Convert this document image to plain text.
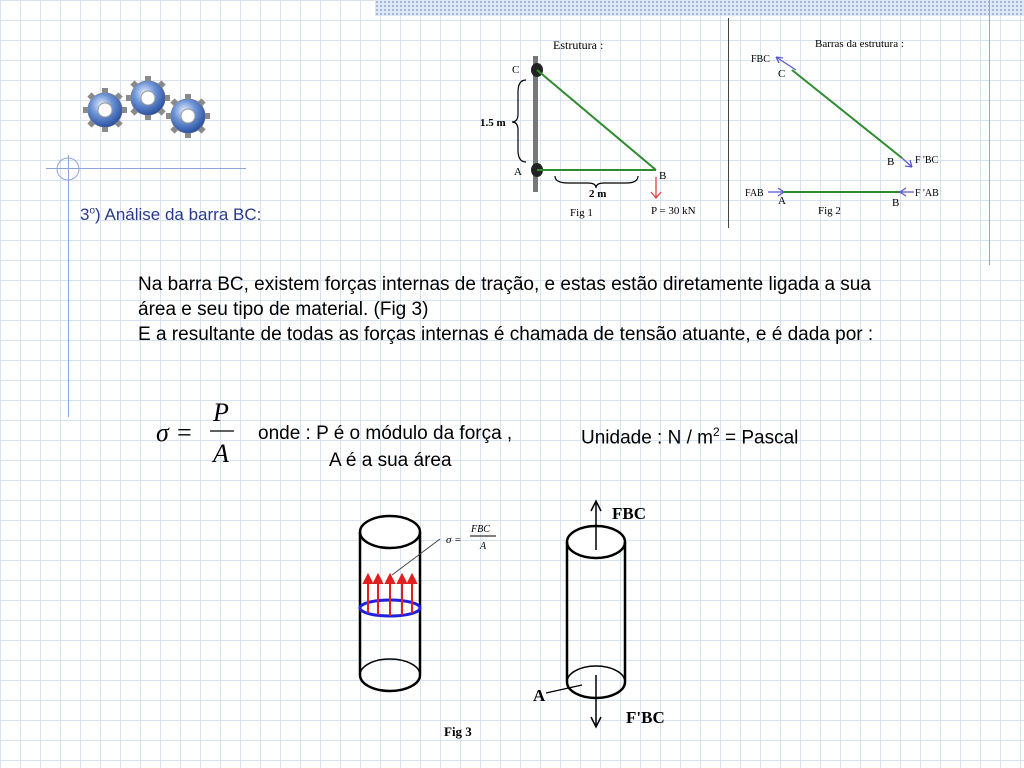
Estrutura :
C
A	B
1.5 m
2 m
Fig 1	P = 30 kN
Barras da estrutura :
FBC
C
B F 'BC
FAB
A	B
F 'AB
Fig 2
3$^o$) Análise da barra BC:

Na barra BC, existem forças internas de tração, e estas estão diretamente ligada a sua área e seu tipo de material. (Fig 3)

E a resultante de todas as forças internas é chamada de tensão atuante, e é dada por :

σ =
P
A
onde : P é o módulo da força ,
A é a sua área
Unidade : N / $m^2$ = Pascal
σ =
FBC
A
FBC
A
F'BC
Fig 3
